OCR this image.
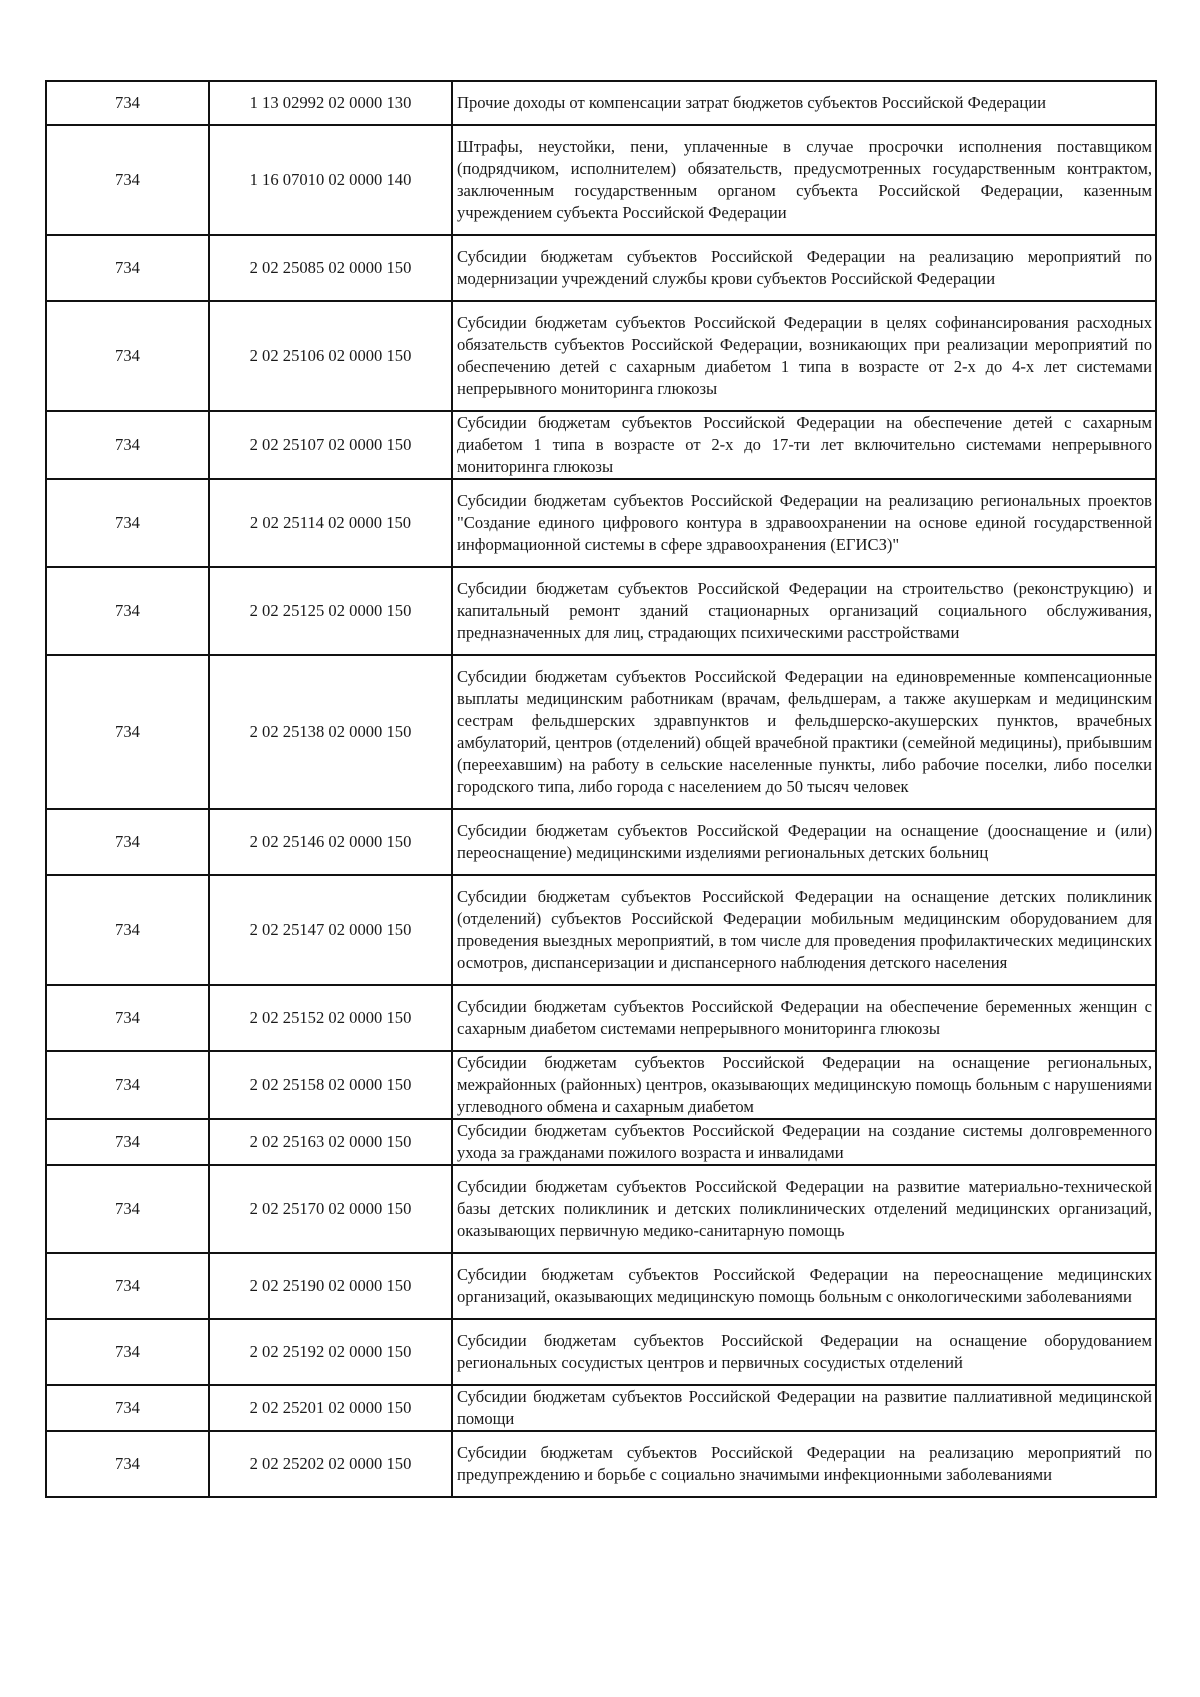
734	1 13 02992 02 0000 130	Прочие доходы от компенсации затрат бюджетов субъектов Российской Федерации
734	1 16 07010 02 0000 140	Штрафы, неустойки, пени, уплаченные в случае просрочки исполнения поставщиком (подрядчиком, исполнителем) обязательств, предусмотренных государственным контрактом, заключенным государственным органом субъекта Российской Федерации, казенным учреждением субъекта Российской Федерации
734	2 02 25085 02 0000 150	Субсидии бюджетам субъектов Российской Федерации на реализацию мероприятий по модернизации учреждений службы крови субъектов Российской Федерации
734	2 02 25106 02 0000 150	Субсидии бюджетам субъектов Российской Федерации в целях софинансирования расходных обязательств субъектов Российской Федерации, возникающих при реализации мероприятий по обеспечению детей с сахарным диабетом 1 типа в возрасте от 2-х до 4-х лет системами непрерывного мониторинга глюкозы
734	2 02 25107 02 0000 150	Субсидии бюджетам субъектов Российской Федерации на обеспечение детей с сахарным диабетом 1 типа в возрасте от 2-х до 17-ти лет включительно системами непрерывного мониторинга глюкозы
734	2 02 25114 02 0000 150	Субсидии бюджетам субъектов Российской Федерации на реализацию региональных проектов "Создание единого цифрового контура в здравоохранении на основе единой государственной информационной системы в сфере здравоохранения (ЕГИСЗ)"
734	2 02 25125 02 0000 150	Субсидии бюджетам субъектов Российской Федерации на строительство (реконструкцию) и капитальный ремонт зданий стационарных организаций социального обслуживания, предназначенных для лиц, страдающих психическими расстройствами
734	2 02 25138 02 0000 150	Субсидии бюджетам субъектов Российской Федерации на единовременные компенсационные выплаты медицинским работникам (врачам, фельдшерам, а также акушеркам и медицинским сестрам фельдшерских здравпунктов и фельдшерско-акушерских пунктов, врачебных амбулаторий, центров (отделений) общей врачебной практики (семейной медицины), прибывшим (переехавшим) на работу в сельские населенные пункты, либо рабочие поселки, либо поселки городского типа, либо города с населением до 50 тысяч человек
734	2 02 25146 02 0000 150	Субсидии бюджетам субъектов Российской Федерации на оснащение (дооснащение и (или) переоснащение) медицинскими изделиями региональных детских больниц
734	2 02 25147 02 0000 150	Субсидии бюджетам субъектов Российской Федерации на оснащение детских поликлиник (отделений) субъектов Российской Федерации мобильным медицинским оборудованием для проведения выездных мероприятий, в том числе для проведения профилактических медицинских осмотров, диспансеризации и диспансерного наблюдения детского населения
734	2 02 25152 02 0000 150	Субсидии бюджетам субъектов Российской Федерации на обеспечение беременных женщин с сахарным диабетом системами непрерывного мониторинга глюкозы
734	2 02 25158 02 0000 150	Субсидии бюджетам субъектов Российской Федерации на оснащение региональных, межрайонных (районных) центров, оказывающих медицинскую помощь больным с нарушениями углеводного обмена и сахарным диабетом
734	2 02 25163 02 0000 150	Субсидии бюджетам субъектов Российской Федерации на создание системы долговременного ухода за гражданами пожилого возраста и инвалидами
734	2 02 25170 02 0000 150	Субсидии бюджетам субъектов Российской Федерации на развитие материально-технической базы детских поликлиник и детских поликлинических отделений медицинских организаций, оказывающих первичную медико-санитарную помощь
734	2 02 25190 02 0000 150	Субсидии бюджетам субъектов Российской Федерации на переоснащение медицинских организаций, оказывающих медицинскую помощь больным с онкологическими заболеваниями
734	2 02 25192 02 0000 150	Субсидии бюджетам субъектов Российской Федерации на оснащение оборудованием региональных сосудистых центров и первичных сосудистых отделений
734	2 02 25201 02 0000 150	Субсидии бюджетам субъектов Российской Федерации на развитие паллиативной медицинской помощи
734	2 02 25202 02 0000 150	Субсидии бюджетам субъектов Российской Федерации на реализацию мероприятий по предупреждению и борьбе с социально значимыми инфекционными заболеваниями
